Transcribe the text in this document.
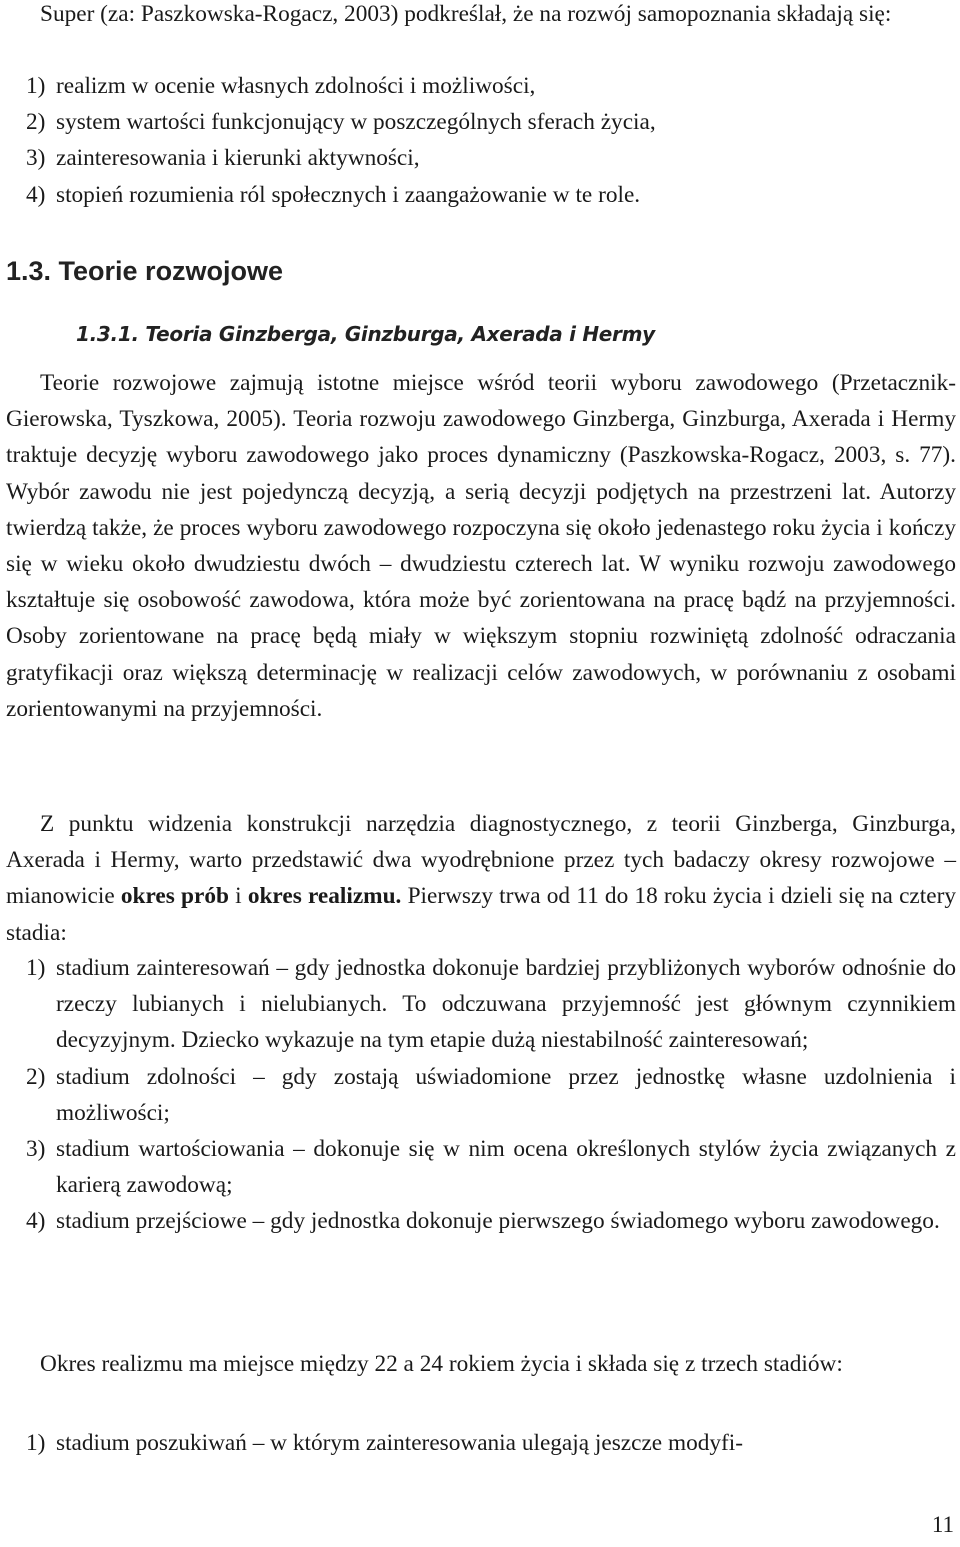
Super (za: Paszkowska-Rogacz, 2003) podkreślał, że na rozwój samopoznania składają się:

1) realizm w ocenie własnych zdolności i możliwości,
2) system wartości funkcjonujący w poszczególnych sferach życia,
3) zainteresowania i kierunki aktywności,
4) stopień rozumienia ról społecznych i zaangażowanie w te role.
1.3. Teorie rozwojowe
1.3.1. Teoria Ginzberga, Ginzburga, Axerada i Hermy

Teorie rozwojowe zajmują istotne miejsce wśród teorii wyboru zawodowego (Przetacznik-Gierowska, Tyszkowa, 2005). Teoria rozwoju zawodowego Ginzberga, Ginzburga, Axerada i Hermy traktuje decyzję wyboru zawodowego jako proces dynamiczny (Paszkowska-Rogacz, 2003, s. 77). Wybór zawodu nie jest pojedynczą decyzją, a serią decyzji podjętych na przestrzeni lat. Autorzy twierdzą także, że proces wyboru zawodowego rozpoczyna się około jedenastego roku życia i kończy się w wieku około dwudziestu dwóch – dwudziestu czterech lat. W wyniku rozwoju zawodowego kształtuje się osobowość zawodowa, która może być zorientowana na pracę bądź na przyjemności. Osoby zorientowane na pracę będą miały w większym stopniu rozwiniętą zdolność odraczania gratyfikacji oraz większą determinację w realizacji celów zawodowych, w porównaniu z osobami zorientowanymi na przyjemności.

Z punktu widzenia konstrukcji narzędzia diagnostycznego, z teorii Ginzberga, Ginzburga, Axerada i Hermy, warto przedstawić dwa wyodrębnione przez tych badaczy okresy rozwojowe – mianowicie okres prób i okres realizmu. Pierwszy trwa od 11 do 18 roku życia i dzieli się na cztery stadia:

1) stadium zainteresowań – gdy jednostka dokonuje bardziej przybliżonych wyborów odnośnie do rzeczy lubianych i nielubianych. To odczuwana przyjemność jest głównym czynnikiem decyzyjnym. Dziecko wykazuje na tym etapie dużą niestabilność zainteresowań;
2) stadium zdolności – gdy zostają uświadomione przez jednostkę własne uzdolnienia i możliwości;
3) stadium wartościowania – dokonuje się w nim ocena określonych stylów życia związanych z karierą zawodową;
4) stadium przejściowe – gdy jednostka dokonuje pierwszego świadomego wyboru zawodowego.

Okres realizmu ma miejsce między 22 a 24 rokiem życia i składa się z trzech stadiów:

1) stadium poszukiwań – w którym zainteresowania ulegają jeszcze modyfi-
11
